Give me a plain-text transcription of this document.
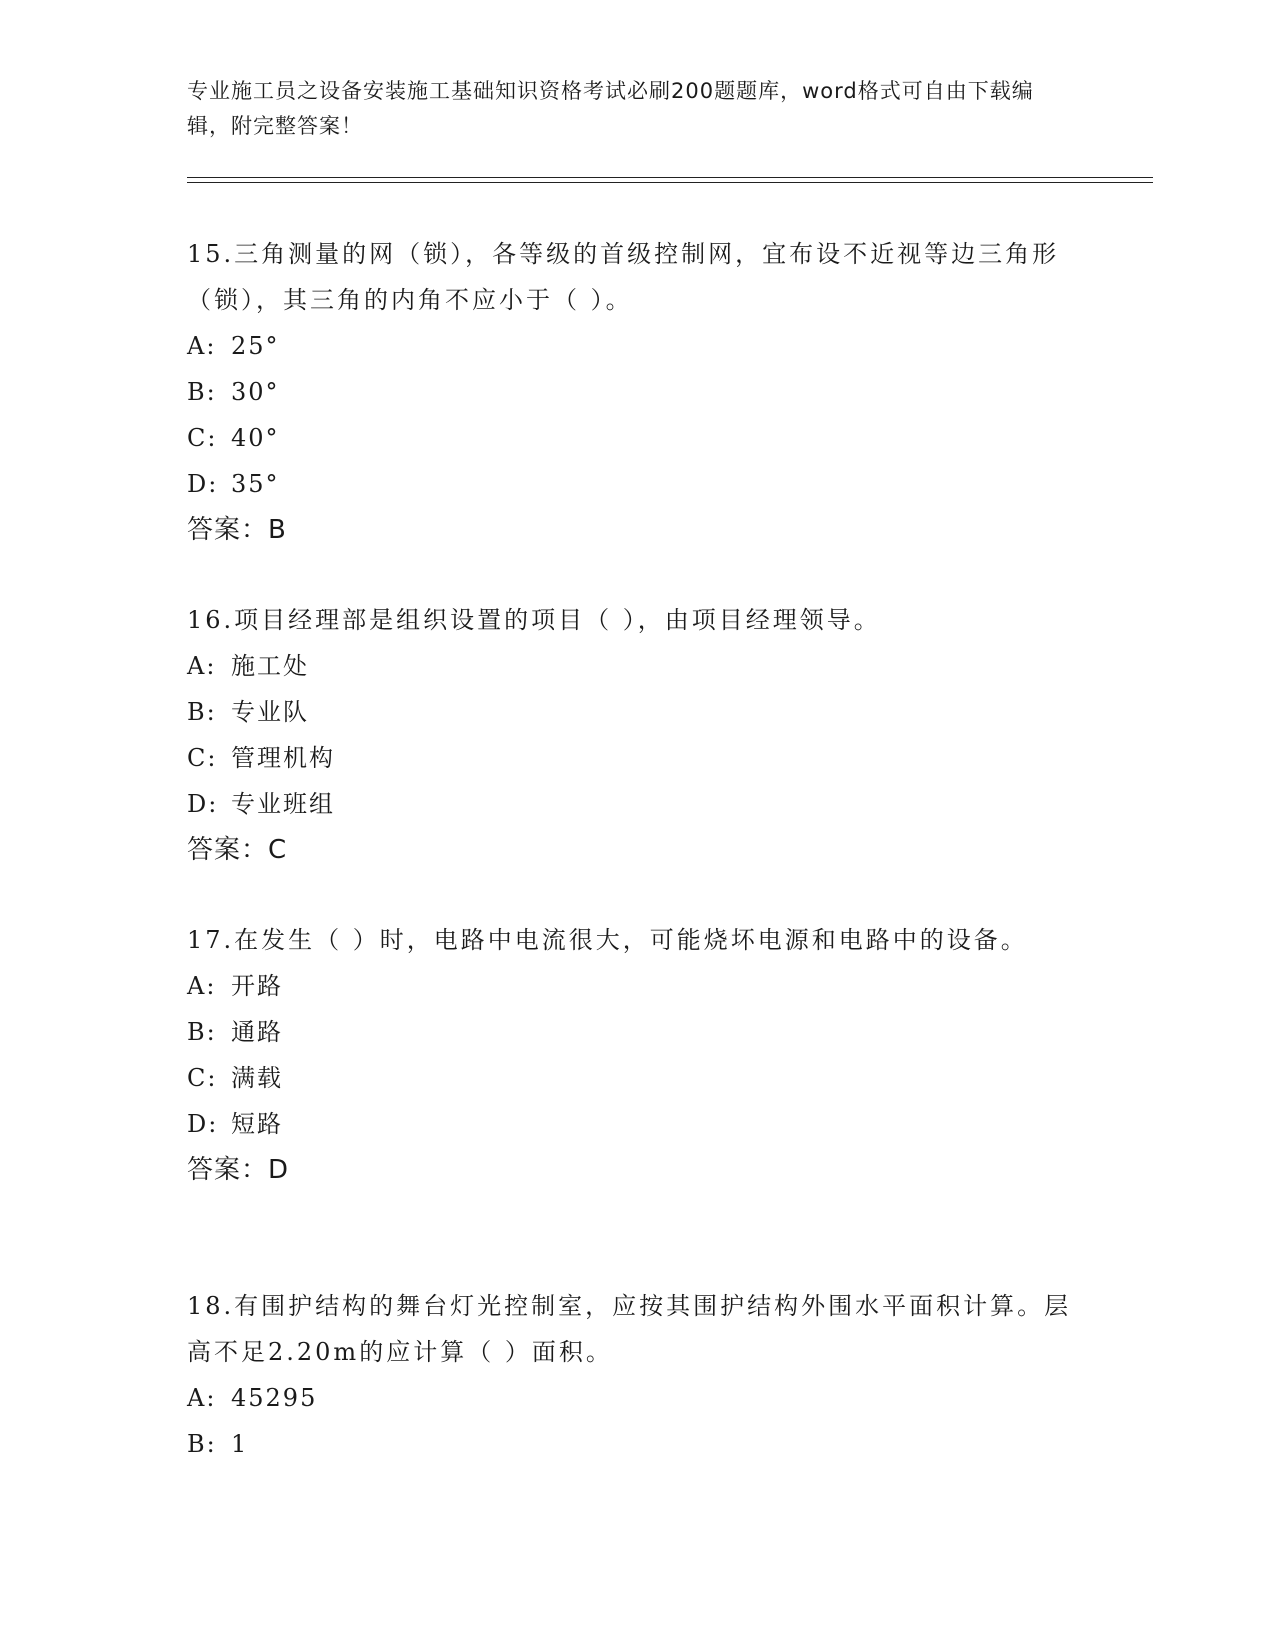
专业施工员之设备安装施工基础知识资格考试必刷200题题库，word格式可自由下载编辑，附完整答案！

15.三角测量的网（锁），各等级的首级控制网，宜布设不近视等边三角形（锁），其三角的内角不应小于（ ）。

A: 25°
B: 30°
C: 40°
D: 35°

答案：B

16.项目经理部是组织设置的项目（ ），由项目经理领导。

A: 施工处
B: 专业队
C: 管理机构
D: 专业班组

答案：C

17.在发生（ ）时，电路中电流很大，可能烧坏电源和电路中的设备。

A: 开路
B: 通路
C: 满载
D: 短路

答案：D

18.有围护结构的舞台灯光控制室，应按其围护结构外围水平面积计算。层高不足2.20m的应计算（ ）面积。

A: 45295
B: 1
